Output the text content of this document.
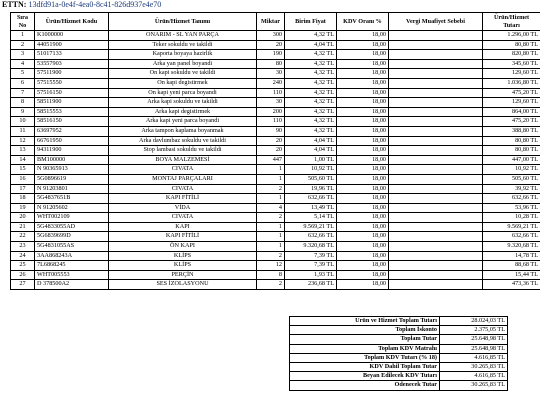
ETTN: 13dfd91a-0e4f-4ea0-8c41-826d937e4e70
Sıra No	Ürün/Hizmet Kodu	Ürün/Hizmet Tanımı	Miktar	Birim Fiyat	KDV Oranı %	Vergi Muafiyet Sebebi	Ürün/Hizmet Tutarı
1	K1000000	ONARIM - SL YAN PARÇA	300	4,32 TL	18,00		1.296,00 TL
2	44051900	Teker sokuldu ve takildi	20	4,04 TL	18,00		80,80 TL
3	51017133	Kaporta boyaya hazirlik	190	4,32 TL	18,00		820,80 TL
4	53557903	Arka yan panel boyandi	80	4,32 TL	18,00		345,60 TL
5	57511900	On kapi sokuldu ve takildi	30	4,32 TL	18,00		129,60 TL
6	57515550	On kapi degistirmek	240	4,32 TL	18,00		1.036,80 TL
7	57516150	On kapi yeni parca boyandi	110	4,32 TL	18,00		475,20 TL
8	58511900	Arka kapi sokuldu ve takildi	30	4,32 TL	18,00		129,60 TL
9	58515553	Arka kapi degistirmek	200	4,32 TL	18,00		864,00 TL
10	58516150	Arka kapi yeni parca boyandi	110	4,32 TL	18,00		475,20 TL
11	63697952	Arka tampon kaplama boyanmak	90	4,32 TL	18,00		388,80 TL
12	66761950	Arka davlumbaz sokuldu ve takildi	20	4,04 TL	18,00		80,80 TL
13	94311900	Stop lambasi sokuldu ve takildi	20	4,04 TL	18,00		80,80 TL
14	BM100000	BOYA MALZEMESİ	447	1,00 TL	18,00		447,00 TL
15	N 90365913	CIVATA	1	10,92 TL	18,00		10,92 TL
16	5G0896619	MONTAJ PARÇALARI	1	505,60 TL	18,00		505,60 TL
17	N 91203801	CIVATA	2	19,96 TL	18,00		39,92 TL
18	5G4837651B	KAPI FİTİLİ	1	632,66 TL	18,00		632,66 TL
19	N 91205602	VİDA	4	13,49 TL	18,00		53,96 TL
20	WHT002109	CIVATA	2	5,14 TL	18,00		10,28 TL
21	5G4833055AD	KAPI	1	9.569,21 TL	18,00		9.569,21 TL
22	5G6839699D	KAPI FİTİLİ	1	632,66 TL	18,00		632,66 TL
23	5G4831055AS	ÖN KAPI	1	9.320,68 TL	18,00		9.320,68 TL
24	3AA868243A	KLİPS	2	7,39 TL	18,00		14,78 TL
25	7L6868245	KLİPS	12	7,39 TL	18,00		88,68 TL
26	WHT005553	PERÇİN	8	1,93 TL	18,00		15,44 TL
27	D 378500A2	SES İZOLASYONU	2	236,68 TL	18,00		473,36 TL
Ürün ve Hizmet Toplam Tutarı	28.024,03 TL
Toplam İskonto	2.375,05 TL
Toplam Tutar	25.648,98 TL
Toplam KDV Matrahı	25.648,98 TL
Toplam KDV Tutarı (% 18)	4.616,85 TL
KDV Dahil Toplam Tutar	30.265,83 TL
Beyan Edilecek KDV Tutarı	4.616,85 TL
Ödenecek Tutar	30.265,83 TL
